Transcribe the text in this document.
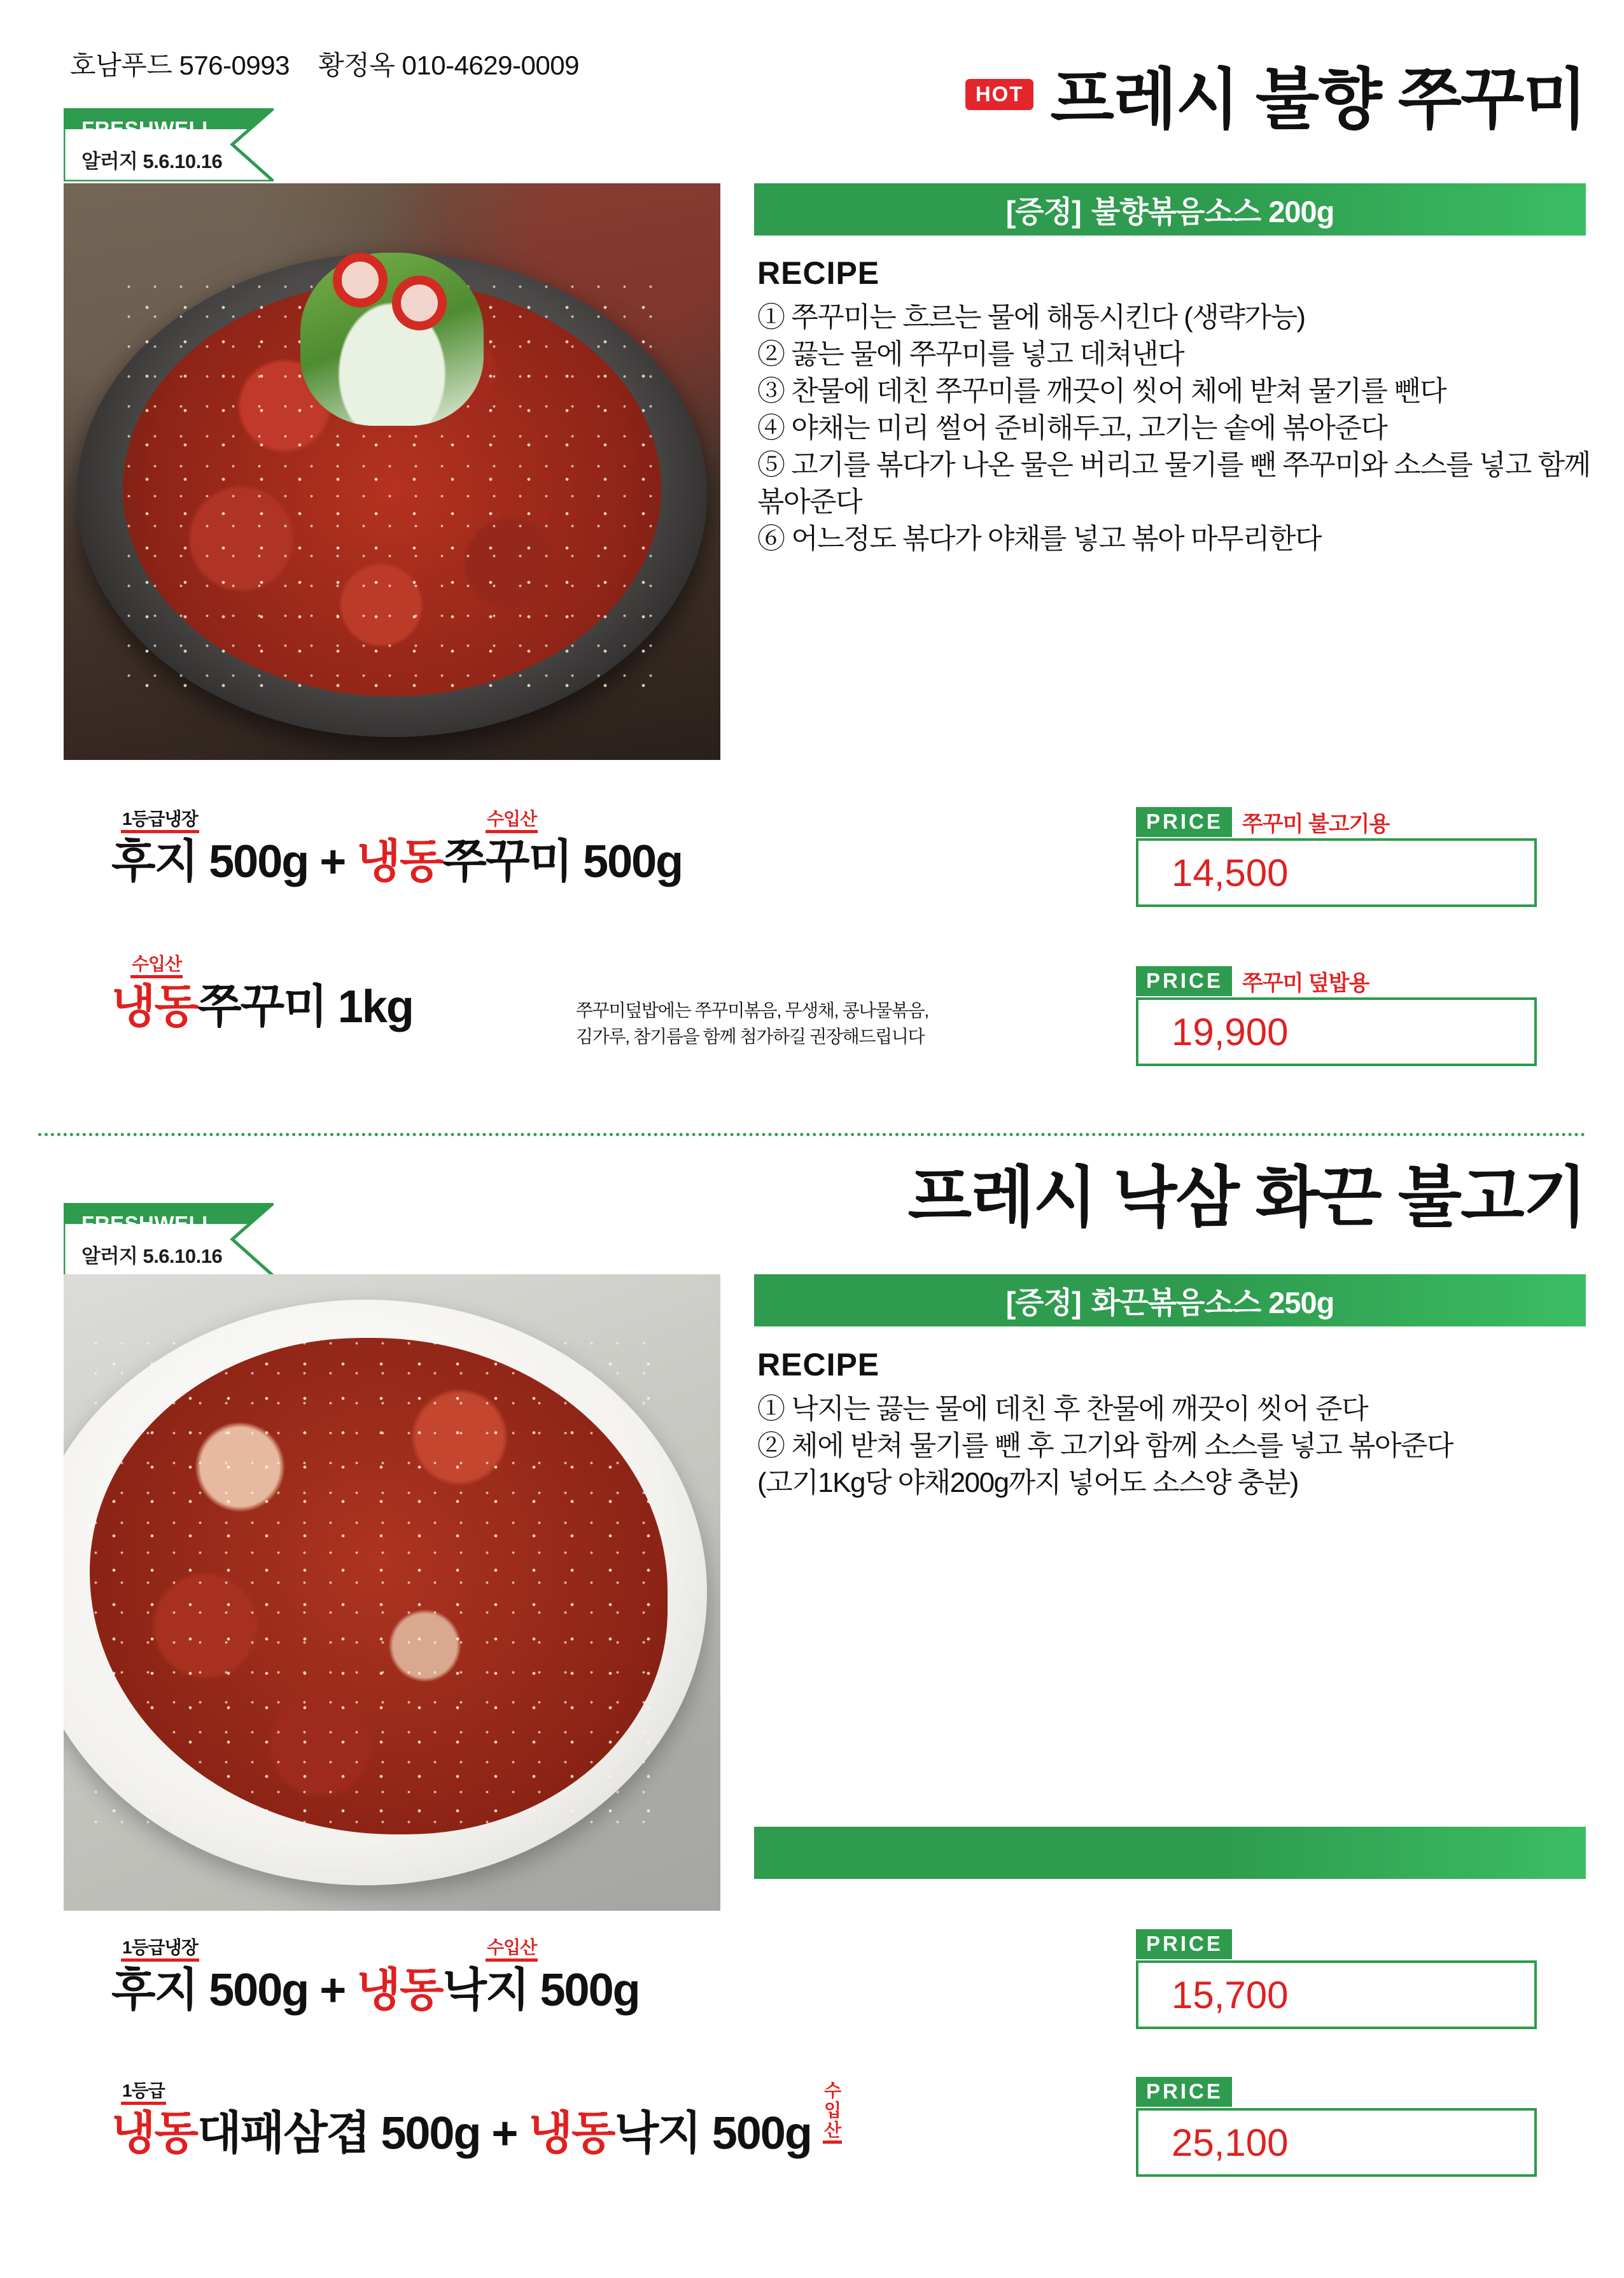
호남푸드 576-0993 황정옥 010-4629-0009
FRESHWELL
알러지 5.6.10.16
HOT 프레시 불향 쭈꾸미
[증정] 불향볶음소스 200g
RECIPE
① 쭈꾸미는 흐르는 물에 해동시킨다 (생략가능)
② 끓는 물에 쭈꾸미를 넣고 데쳐낸다
③ 찬물에 데친 쭈꾸미를 깨끗이 씻어 체에 받쳐 물기를 뺀다
④ 야채는 미리 썰어 준비해두고, 고기는 솥에 볶아준다
⑤ 고기를 볶다가 나온 물은 버리고 물기를 뺀 쭈꾸미와 소스를 넣고 함께 볶아준다
⑥ 어느정도 볶다가 야채를 넣고 볶아 마무리한다
1등급냉장	수입산
후지 500g + 냉동쭈꾸미 500g
수입산
냉동쭈꾸미 1kg	쭈꾸미덮밥에는 쭈꾸미볶음, 무생채, 콩나물볶음,
김가루, 참기름을 함께 첨가하길 권장해드립니다
PRICE 쭈꾸미 불고기용
14,500
PRICE 쭈꾸미 덮밥용
19,900
FRESHWELL
알러지 5.6.10.16
프레시 낙삼 화끈 불고기
[증정] 화끈볶음소스 250g
RECIPE
① 낙지는 끓는 물에 데친 후 찬물에 깨끗이 씻어 준다
② 체에 받쳐 물기를 뺀 후 고기와 함께 소스를 넣고 볶아준다
(고기1Kg당 야채200g까지 넣어도 소스양 충분)
1등급냉장	수입산
후지 500g + 냉동낙지 500g
1등급	수입산
냉동대패삼겹 500g + 냉동낙지 500g
PRICE
15,700
PRICE
25,100
